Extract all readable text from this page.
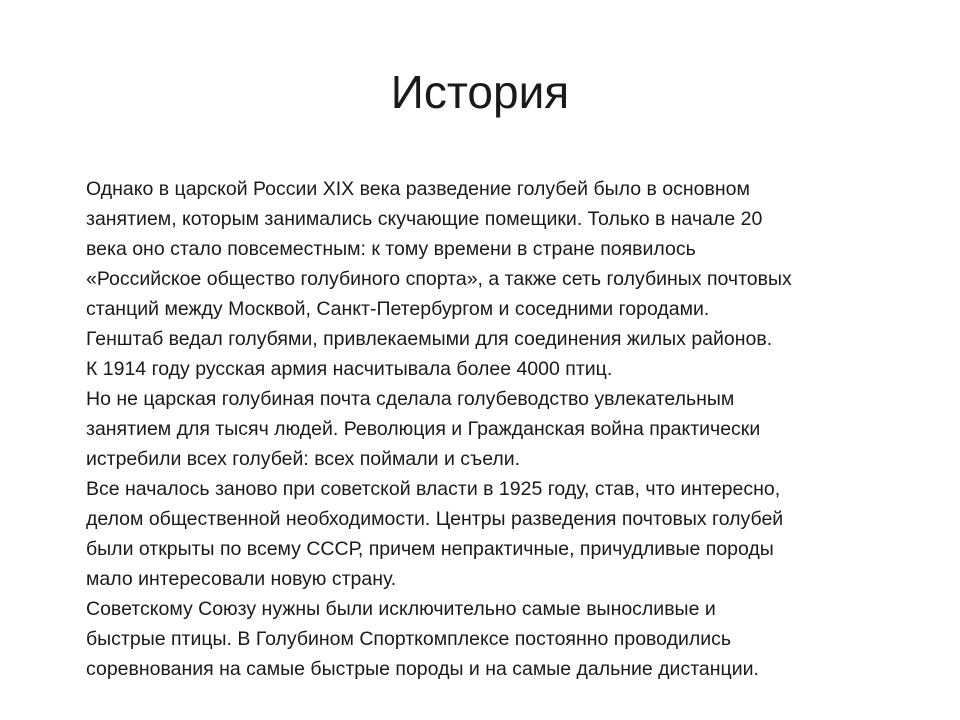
История

Однако в царской России XIX века разведение голубей было в основном
занятием, которым занимались скучающие помещики. Только в начале 20
века оно стало повсеместным: к тому времени в стране появилось
«Российское общество голубиного спорта», а также сеть голубиных почтовых
станций между Москвой, Санкт-Петербургом и соседними городами.

Генштаб ведал голубями, привлекаемыми для соединения жилых районов.
К 1914 году русская армия насчитывала более 4000 птиц.

Но не царская голубиная почта сделала голубеводство увлекательным
занятием для тысяч людей. Революция и Гражданская война практически
истребили всех голубей: всех поймали и съели.

Все началось заново при советской власти в 1925 году, став, что интересно,
делом общественной необходимости. Центры разведения почтовых голубей
были открыты по всему СССР, причем непрактичные, причудливые породы
мало интересовали новую страну.

Советскому Союзу нужны были исключительно самые выносливые и
быстрые птицы. В Голубином Спорткомплексе постоянно проводились
соревнования на самые быстрые породы и на самые дальние дистанции.
